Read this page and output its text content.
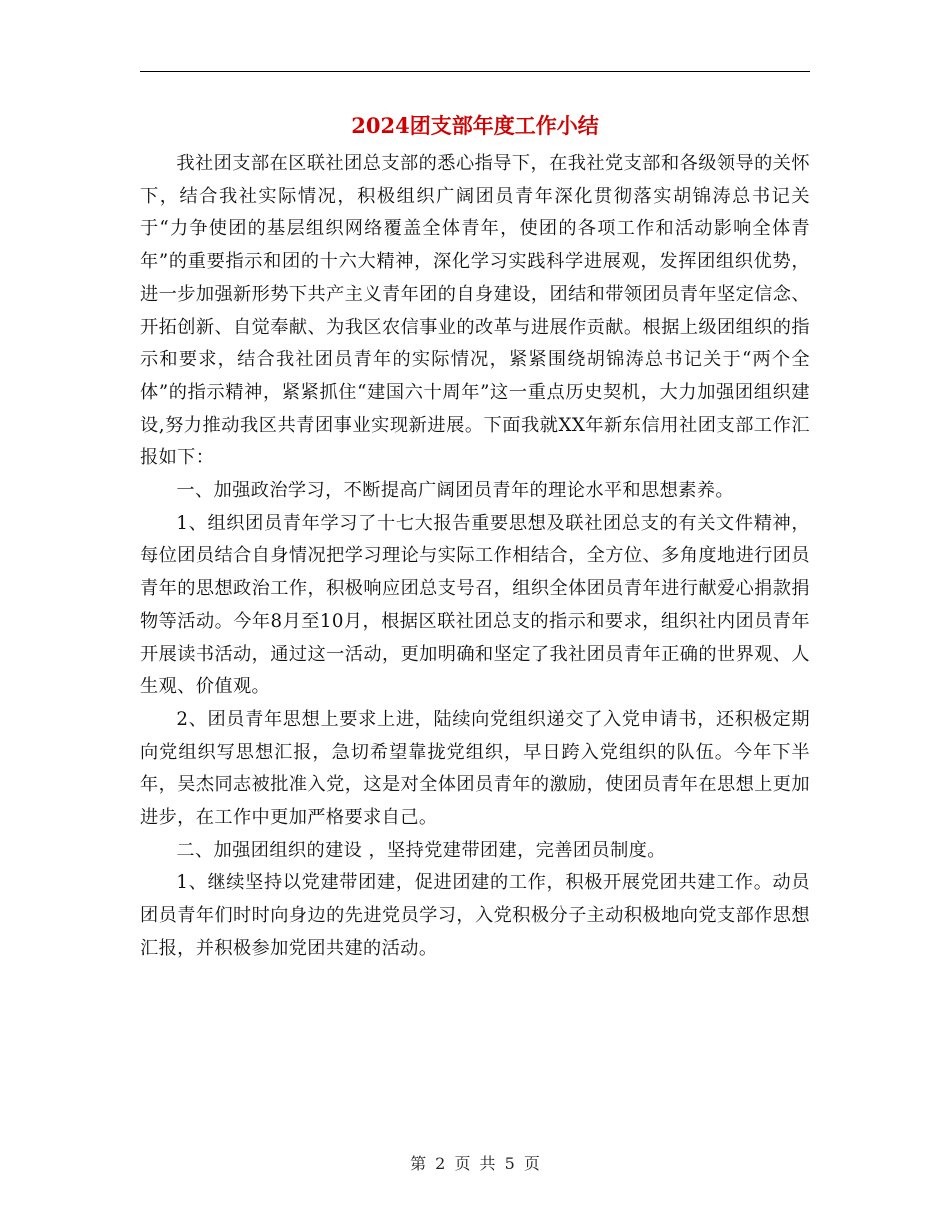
2024团支部年度工作小结

我社团支部在区联社团总支部的悉心指导下，在我社党支部和各级领导的关怀下，结合我社实际情况，积极组织广阔团员青年深化贯彻落实胡锦涛总书记关于“力争使团的基层组织网络覆盖全体青年，使团的各项工作和活动影响全体青年”的重要指示和团的十六大精神，深化学习实践科学进展观，发挥团组织优势，进一步加强新形势下共产主义青年团的自身建设，团结和带领团员青年坚定信念、开拓创新、自觉奉献、为我区农信事业的改革与进展作贡献。根据上级团组织的指示和要求，结合我社团员青年的实际情况，紧紧围绕胡锦涛总书记关于“两个全体”的指示精神，紧紧抓住“建国六十周年”这一重点历史契机，大力加强团组织建设,努力推动我区共青团事业实现新进展。下面我就XX年新东信用社团支部工作汇报如下：

一、加强政治学习，不断提高广阔团员青年的理论水平和思想素养。

1、组织团员青年学习了十七大报告重要思想及联社团总支的有关文件精神，每位团员结合自身情况把学习理论与实际工作相结合，全方位、多角度地进行团员青年的思想政治工作，积极响应团总支号召，组织全体团员青年进行献爱心捐款捐物等活动。今年8月至10月，根据区联社团总支的指示和要求，组织社内团员青年开展读书活动，通过这一活动，更加明确和坚定了我社团员青年正确的世界观、人生观、价值观。

2、团员青年思想上要求上进，陆续向党组织递交了入党申请书，还积极定期向党组织写思想汇报，急切希望靠拢党组织，早日跨入党组织的队伍。今年下半年，吴杰同志被批准入党，这是对全体团员青年的激励，使团员青年在思想上更加进步，在工作中更加严格要求自己。

二、加强团组织的建设 ，坚持党建带团建，完善团员制度。

1、继续坚持以党建带团建，促进团建的工作，积极开展党团共建工作。动员团员青年们时时向身边的先进党员学习，入党积极分子主动积极地向党支部作思想汇报，并积极参加党团共建的活动。

第 2 页 共 5 页
